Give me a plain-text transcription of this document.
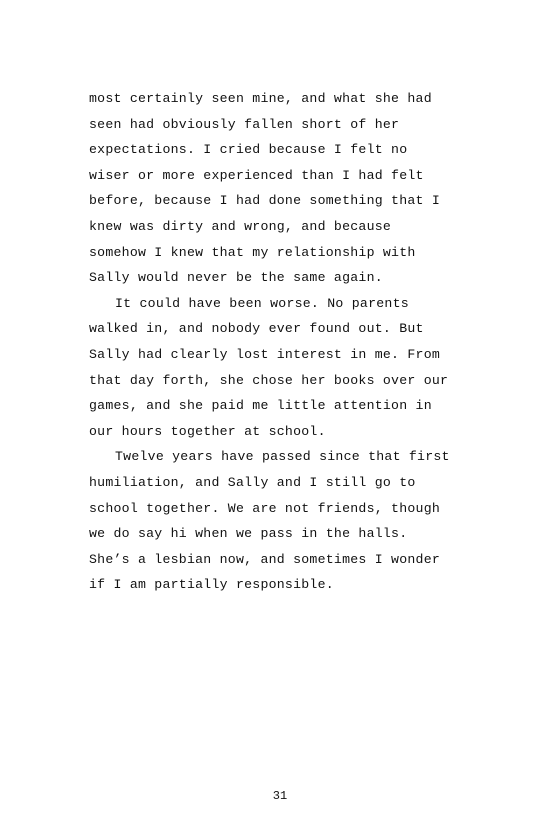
most certainly seen mine, and what she had
seen had obviously fallen short of her
expectations. I cried because I felt no
wiser or more experienced than I had felt
before, because I had done something that I
knew was dirty and wrong, and because
somehow I knew that my relationship with
Sally would never be the same again.
It could have been worse. No parents
walked in, and nobody ever found out. But
Sally had clearly lost interest in me. From
that day forth, she chose her books over our
games, and she paid me little attention in
our hours together at school.
Twelve years have passed since that first
humiliation, and Sally and I still go to
school together. We are not friends, though
we do say hi when we pass in the halls.
She’s a lesbian now, and sometimes I wonder
if I am partially responsible.
31
